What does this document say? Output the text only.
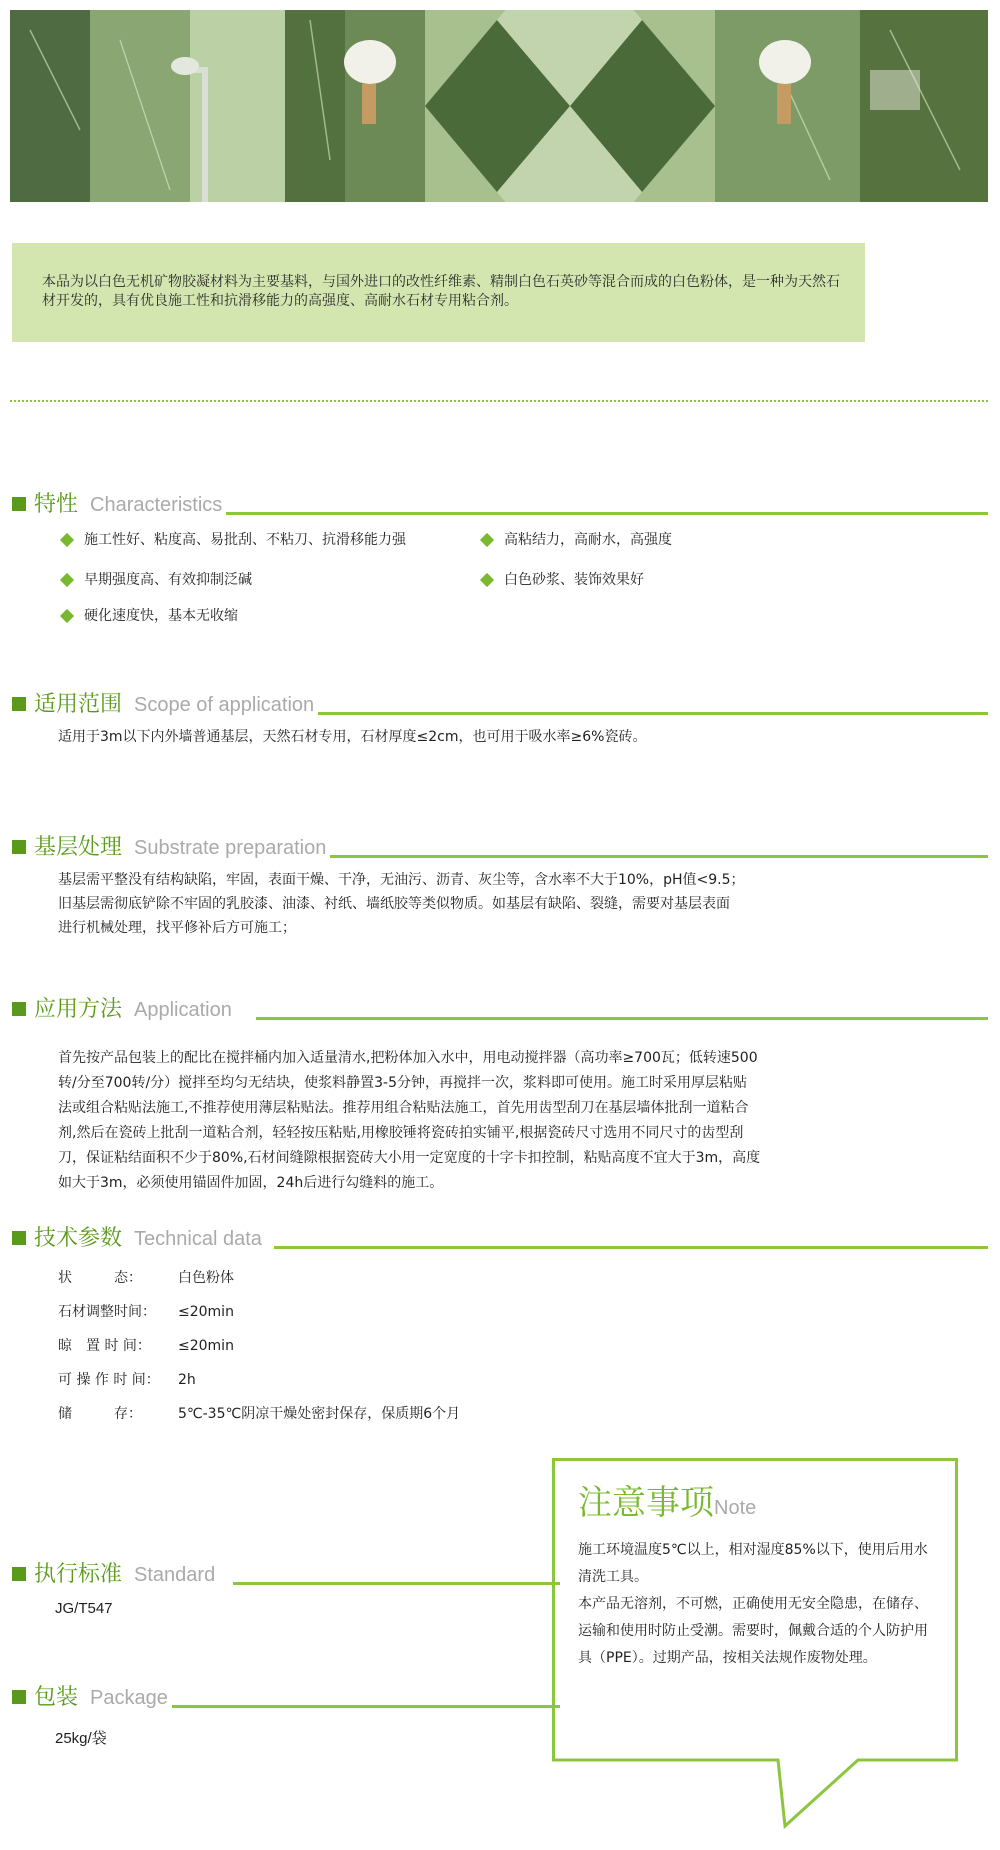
本品为以白色无机矿物胶凝材料为主要基料，与国外进口的改性纤维素、精制白色石英砂等混合而成的白色粉体，是一种为天然石材开发的，具有优良施工性和抗滑移能力的高强度、高耐水石材专用粘合剂。
特性 Characteristics
施工性好、粘度高、易批刮、不粘刀、抗滑移能力强	高粘结力，高耐水，高强度
早期强度高、有效抑制泛碱	白色砂浆、装饰效果好
硬化速度快，基本无收缩
适用范围 Scope of application
适用于3m以下内外墙普通基层，天然石材专用，石材厚度≤2cm，也可用于吸水率≥6%瓷砖。
基层处理 Substrate preparation
基层需平整没有结构缺陷，牢固，表面干燥、干净，无油污、沥青、灰尘等，含水率不大于10%，pH值<9.5；
旧基层需彻底铲除不牢固的乳胶漆、油漆、衬纸、墙纸胶等类似物质。如基层有缺陷、裂缝，需要对基层表面
进行机械处理，找平修补后方可施工；
应用方法 Application
首先按产品包装上的配比在搅拌桶内加入适量清水,把粉体加入水中，用电动搅拌器（高功率≥700瓦；低转速500
转/分至700转/分）搅拌至均匀无结块，使浆料静置3-5分钟，再搅拌一次，浆料即可使用。施工时采用厚层粘贴
法或组合粘贴法施工,不推荐使用薄层粘贴法。推荐用组合粘贴法施工，首先用齿型刮刀在基层墙体批刮一道粘合
剂,然后在瓷砖上批刮一道粘合剂，轻轻按压粘贴,用橡胶锤将瓷砖拍实铺平,根据瓷砖尺寸选用不同尺寸的齿型刮
刀，保证粘结面积不少于80%,石材间缝隙根据瓷砖大小用一定宽度的十字卡扣控制，粘贴高度不宜大于3m，高度
如大于3m，必须使用锚固件加固，24h后进行勾缝料的施工。
技术参数 Technical data
状　　　态：	白色粉体
石材调整时间： ≤20min
晾　置 时 间： ≤20min
可 操 作 时 间： 2h
储　　　存：	5℃-35℃阴凉干燥处密封保存，保质期6个月
注意事项Note

施工环境温度5℃以上，相对湿度85%以下，使用后用水清洗工具。

本产品无溶剂，不可燃，正确使用无安全隐患，在储存、运输和使用时防止受潮。需要时，佩戴合适的个人防护用具（PPE）。过期产品，按相关法规作废物处理。

执行标准 Standard
JG/T547
包装 Package
25kg/袋
